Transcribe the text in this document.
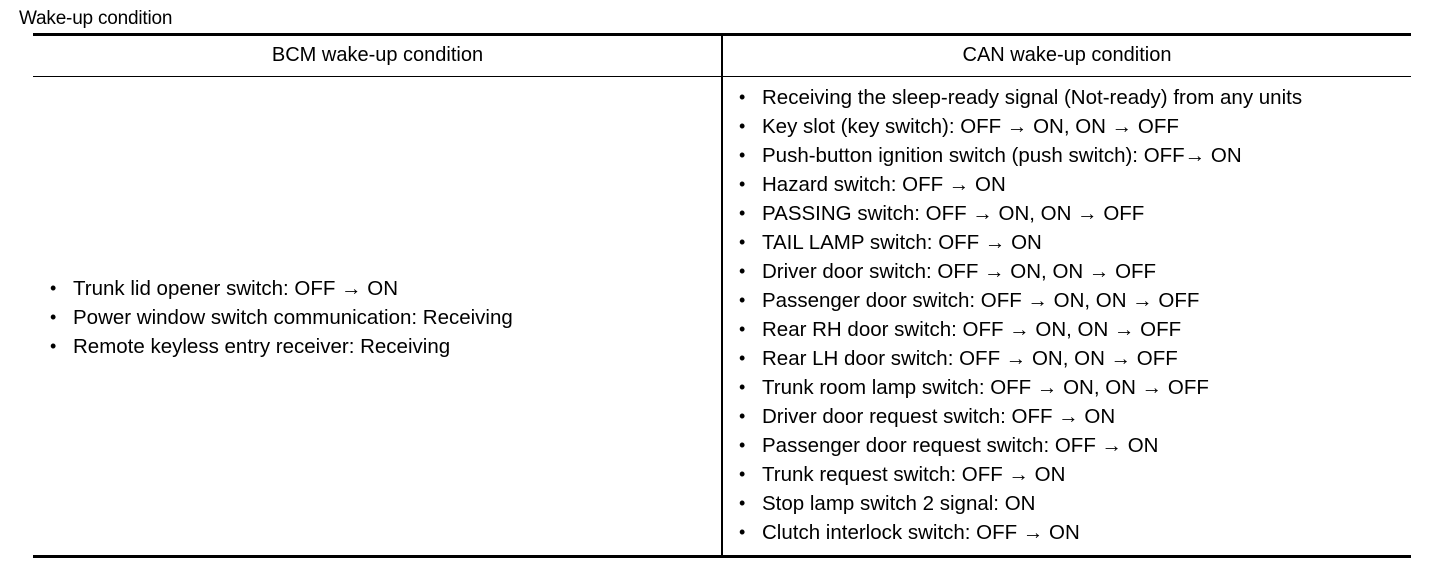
Wake-up condition
BCM wake-up condition	CAN wake-up condition
• Trunk lid opener switch: OFF → ON
• Power window switch communication: Receiving
• Remote keyless entry receiver: Receiving
• Receiving the sleep-ready signal (Not-ready) from any units
• Key slot (key switch): OFF → ON, ON → OFF
• Push-button ignition switch (push switch): OFF→ ON
• Hazard switch: OFF → ON
• PASSING switch: OFF → ON, ON → OFF
• TAIL LAMP switch: OFF → ON
• Driver door switch: OFF → ON, ON → OFF
• Passenger door switch: OFF → ON, ON → OFF
• Rear RH door switch: OFF → ON, ON → OFF
• Rear LH door switch: OFF → ON, ON → OFF
• Trunk room lamp switch: OFF → ON, ON → OFF
• Driver door request switch: OFF → ON
• Passenger door request switch: OFF → ON
• Trunk request switch: OFF → ON
• Stop lamp switch 2 signal: ON
• Clutch interlock switch: OFF → ON
